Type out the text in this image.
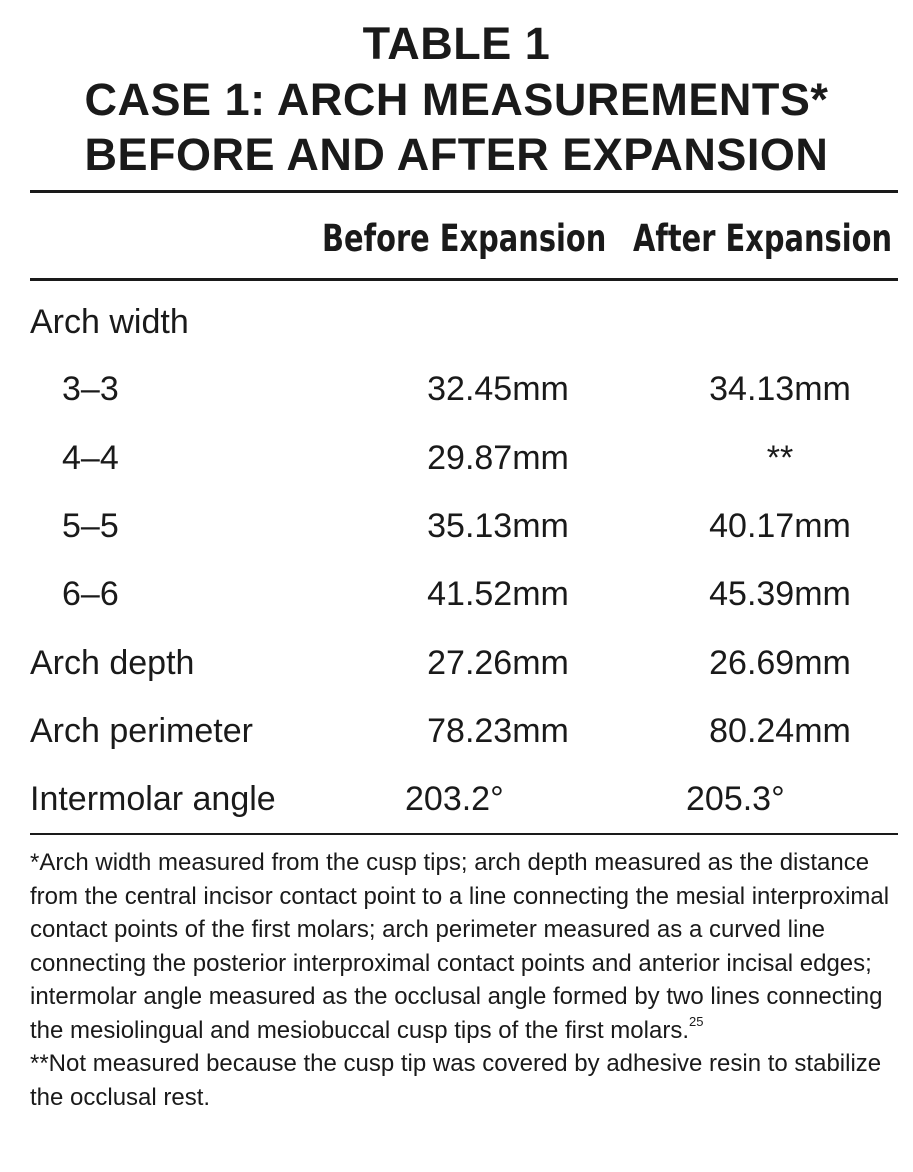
TABLE 1
CASE 1: ARCH MEASUREMENTS*
BEFORE AND AFTER EXPANSION
Before Expansion After Expansion
Arch width
3–3	32.45mm	34.13mm
4–4	29.87mm	**
5–5	35.13mm	40.17mm
6–6	41.52mm	45.39mm
Arch depth	27.26mm	26.69mm
Arch perimeter	78.23mm	80.24mm
Intermolar angle	203.2°	205.3°

*Arch width measured from the cusp tips; arch depth measured as the distance from the central incisor contact point to a line connecting the mesial interproximal contact points of the first molars; arch perimeter measured as a curved line connecting the posterior interproximal contact points and anterior incisal edges; intermolar angle measured as the occlusal angle formed by two lines connecting the mesiolingual and mesiobuccal cusp tips of the first molars.$^{25}$

**Not measured because the cusp tip was covered by adhesive resin to stabilize the occlusal rest.
